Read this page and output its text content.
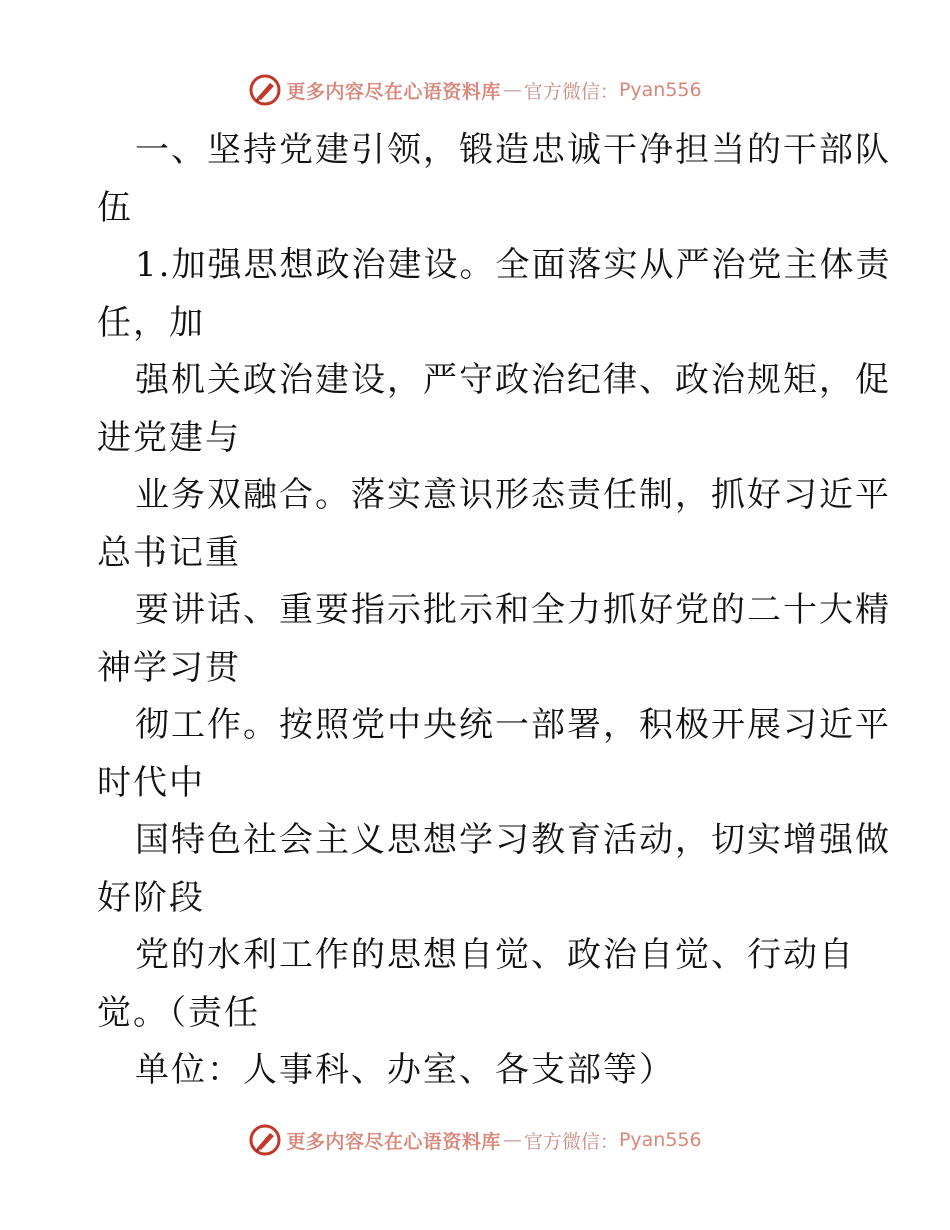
更多内容尽在心语资料库 — 官方微信： Pyan556
一、坚持党建引领，锻造忠诚干净担当的干部队
伍
1.加强思想政治建设。全面落实从严治党主体责
任，加
强机关政治建设，严守政治纪律、政治规矩，促
进党建与
业务双融合。落实意识形态责任制，抓好习近平
总书记重
要讲话、重要指示批示和全力抓好党的二十大精
神学习贯
彻工作。按照党中央统一部署，积极开展习近平
时代中
国特色社会主义思想学习教育活动，切实增强做
好阶段
党的水利工作的思想自觉、政治自觉、行动自
觉。（责任
单位：人事科、办室、各支部等）
更多内容尽在心语资料库 — 官方微信： Pyan556
